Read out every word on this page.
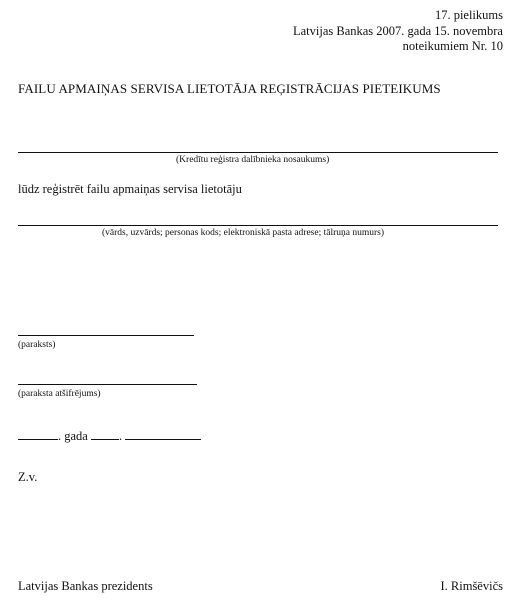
17. pielikums
Latvijas Bankas 2007. gada 15. novembra
noteikumiem Nr. 10
FAILU APMAIŅAS SERVISA LIETOTĀJA REĢISTRĀCIJAS PIETEIKUMS
(Kredītu reģistra dalībnieka nosaukums)
lūdz reģistrēt failu apmaiņas servisa lietotāju
(vārds, uzvārds; personas kods; elektroniskā pasta adrese; tālruņa numurs)
(paraksts)
(paraksta atšifrējums)
. gada .
Z.v.
Latvijas Bankas prezidents	I. Rimšēvičs
